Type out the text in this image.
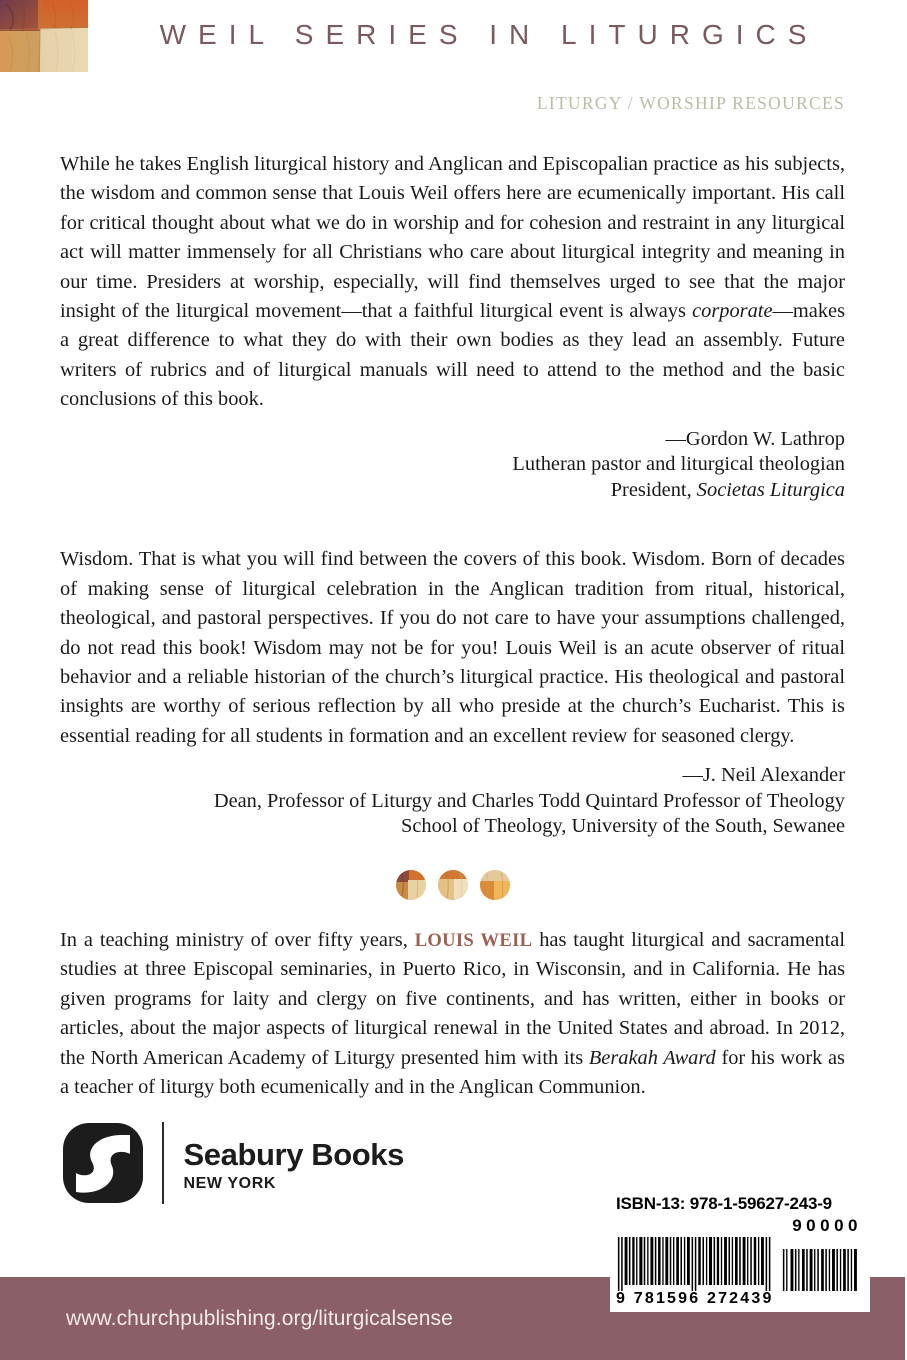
WEIL SERIES IN LITURGICS
LITURGY / WORSHIP RESOURCES

While he takes English liturgical history and Anglican and Episcopalian practice as his subjects, the wisdom and common sense that Louis Weil offers here are ecumenically important. His call for critical thought about what we do in worship and for cohesion and restraint in any liturgical act will matter immensely for all Christians who care about liturgical integrity and meaning in our time. Presiders at worship, especially, will find themselves urged to see that the major insight of the liturgical movement—that a faithful liturgical event is always corporate—makes a great difference to what they do with their own bodies as they lead an assembly. Future writers of rubrics and of liturgical manuals will need to attend to the method and the basic conclusions of this book.

—Gordon W. Lathrop
Lutheran pastor and liturgical theologian
President, Societas Liturgica

Wisdom. That is what you will find between the covers of this book. Wisdom. Born of decades of making sense of liturgical celebration in the Anglican tradition from ritual, historical, theological, and pastoral perspectives. If you do not care to have your assumptions challenged, do not read this book! Wisdom may not be for you! Louis Weil is an acute observer of ritual behavior and a reliable historian of the church’s liturgical practice. His theological and pastoral insights are worthy of serious reflection by all who preside at the church’s Eucharist. This is essential reading for all students in formation and an excellent review for seasoned clergy.

—J. Neil Alexander
Dean, Professor of Liturgy and Charles Todd Quintard Professor of Theology
School of Theology, University of the South, Sewanee

In a teaching ministry of over fifty years, LOUIS WEIL has taught liturgical and sacramental studies at three Episcopal seminaries, in Puerto Rico, in Wisconsin, and in California. He has given programs for laity and clergy on five continents, and has written, either in books or articles, about the major aspects of liturgical renewal in the United States and abroad. In 2012, the North American Academy of Liturgy presented him with its Berakah Award for his work as a teacher of liturgy both ecumenically and in the Anglican Communion.

Seabury Books
NEW YORK
ISBN-13: 978-1-59627-243-9
90000
9 781596 272439
www.churchpublishing.org/liturgicalsense
